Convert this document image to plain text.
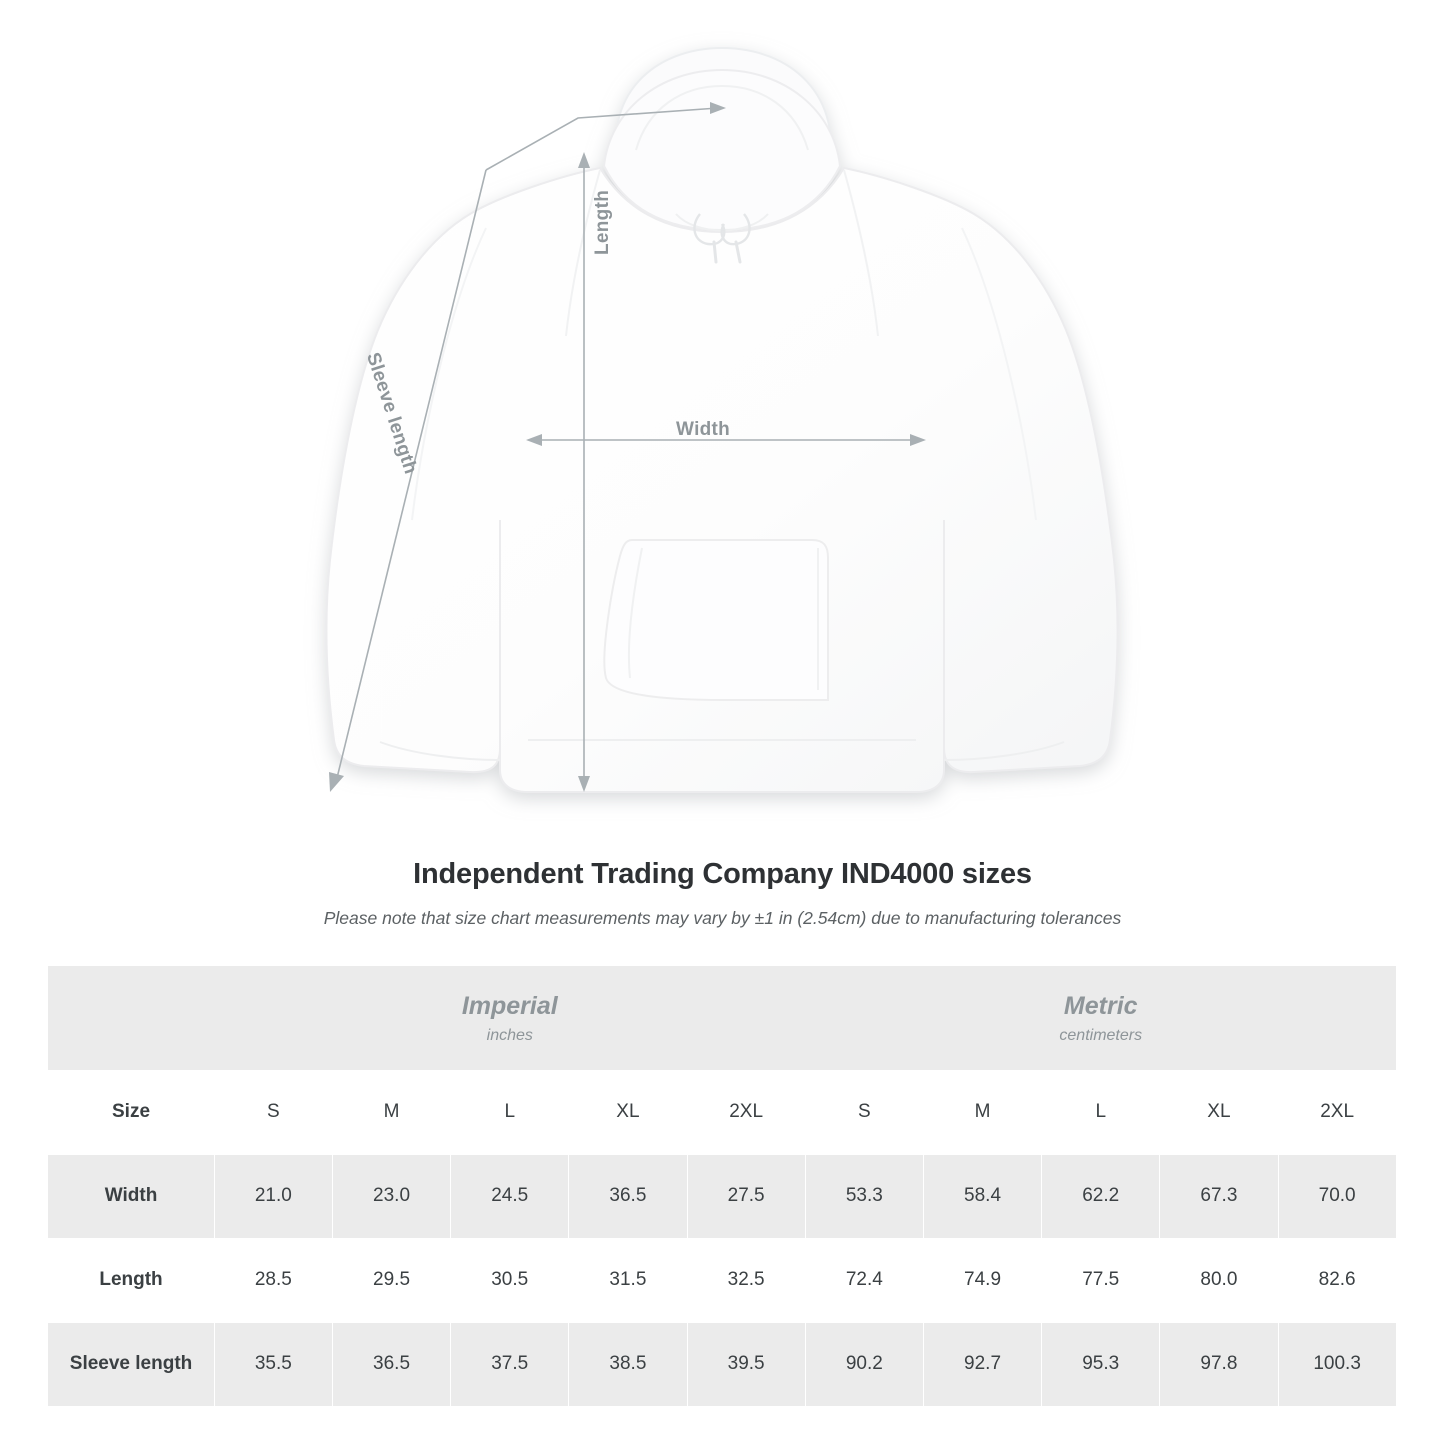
Length
Sleeve length	Width
Independent Trading Company IND4000 sizes
Please note that size chart measurements may vary by ±1 in (2.54cm) due to manufacturing tolerances

Imperial
inches

Metric
centimeters

Size	S	M	L	XL	2XL	S	M	L	XL	2XL
Width	21.0	23.0	24.5	36.5	27.5	53.3	58.4	62.2	67.3	70.0
Length	28.5	29.5	30.5	31.5	32.5	72.4	74.9	77.5	80.0	82.6
Sleeve length	35.5	36.5	37.5	38.5	39.5	90.2	92.7	95.3	97.8	100.3
